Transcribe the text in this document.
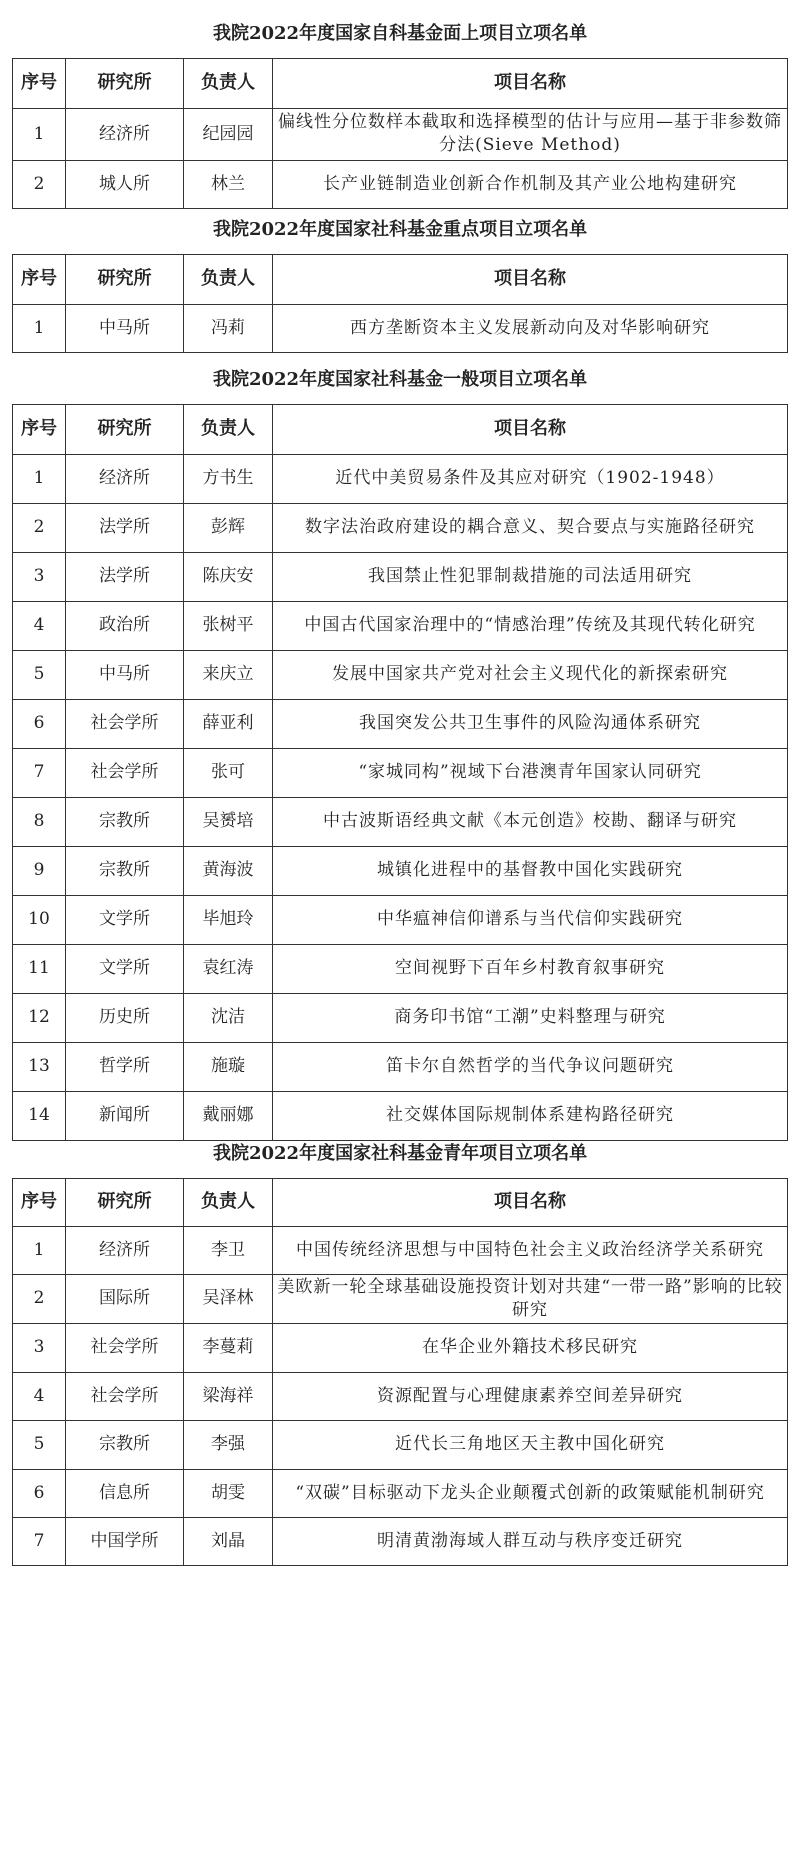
我院2022年度国家自科基金面上项目立项名单			
序号	研究所	负责人	项目名称
1	经济所	纪园园	偏线性分位数样本截取和选择模型的估计与应用—基于非参数筛分法(Sieve Method)
2	城人所	林兰	长产业链制造业创新合作机制及其产业公地构建研究
我院2022年度国家社科基金重点项目立项名单			
序号	研究所	负责人	项目名称
1	中马所	冯莉	西方垄断资本主义发展新动向及对华影响研究
我院2022年度国家社科基金一般项目立项名单			
序号	研究所	负责人	项目名称
1	经济所	方书生	近代中美贸易条件及其应对研究（1902-1948）
2	法学所	彭辉	数字法治政府建设的耦合意义、契合要点与实施路径研究
3	法学所	陈庆安	我国禁止性犯罪制裁措施的司法适用研究
4	政治所	张树平	中国古代国家治理中的“情感治理”传统及其现代转化研究
5	中马所	来庆立	发展中国家共产党对社会主义现代化的新探索研究
6	社会学所	薛亚利	我国突发公共卫生事件的风险沟通体系研究
7	社会学所	张可	“家城同构”视域下台港澳青年国家认同研究
8	宗教所	吴赟培	中古波斯语经典文献《本元创造》校勘、翻译与研究
9	宗教所	黄海波	城镇化进程中的基督教中国化实践研究
10	文学所	毕旭玲	中华瘟神信仰谱系与当代信仰实践研究
11	文学所	袁红涛	空间视野下百年乡村教育叙事研究
12	历史所	沈洁	商务印书馆“工潮”史料整理与研究
13	哲学所	施璇	笛卡尔自然哲学的当代争议问题研究
14	新闻所	戴丽娜	社交媒体国际规制体系建构路径研究
我院2022年度国家社科基金青年项目立项名单			
序号	研究所	负责人	项目名称
1	经济所	李卫	中国传统经济思想与中国特色社会主义政治经济学关系研究
2	国际所	吴泽林	美欧新一轮全球基础设施投资计划对共建“一带一路”影响的比较研究
3	社会学所	李蔓莉	在华企业外籍技术移民研究
4	社会学所	梁海祥	资源配置与心理健康素养空间差异研究
5	宗教所	李强	近代长三角地区天主教中国化研究
6	信息所	胡雯	“双碳”目标驱动下龙头企业颠覆式创新的政策赋能机制研究
7	中国学所	刘晶	明清黄渤海域人群互动与秩序变迁研究
